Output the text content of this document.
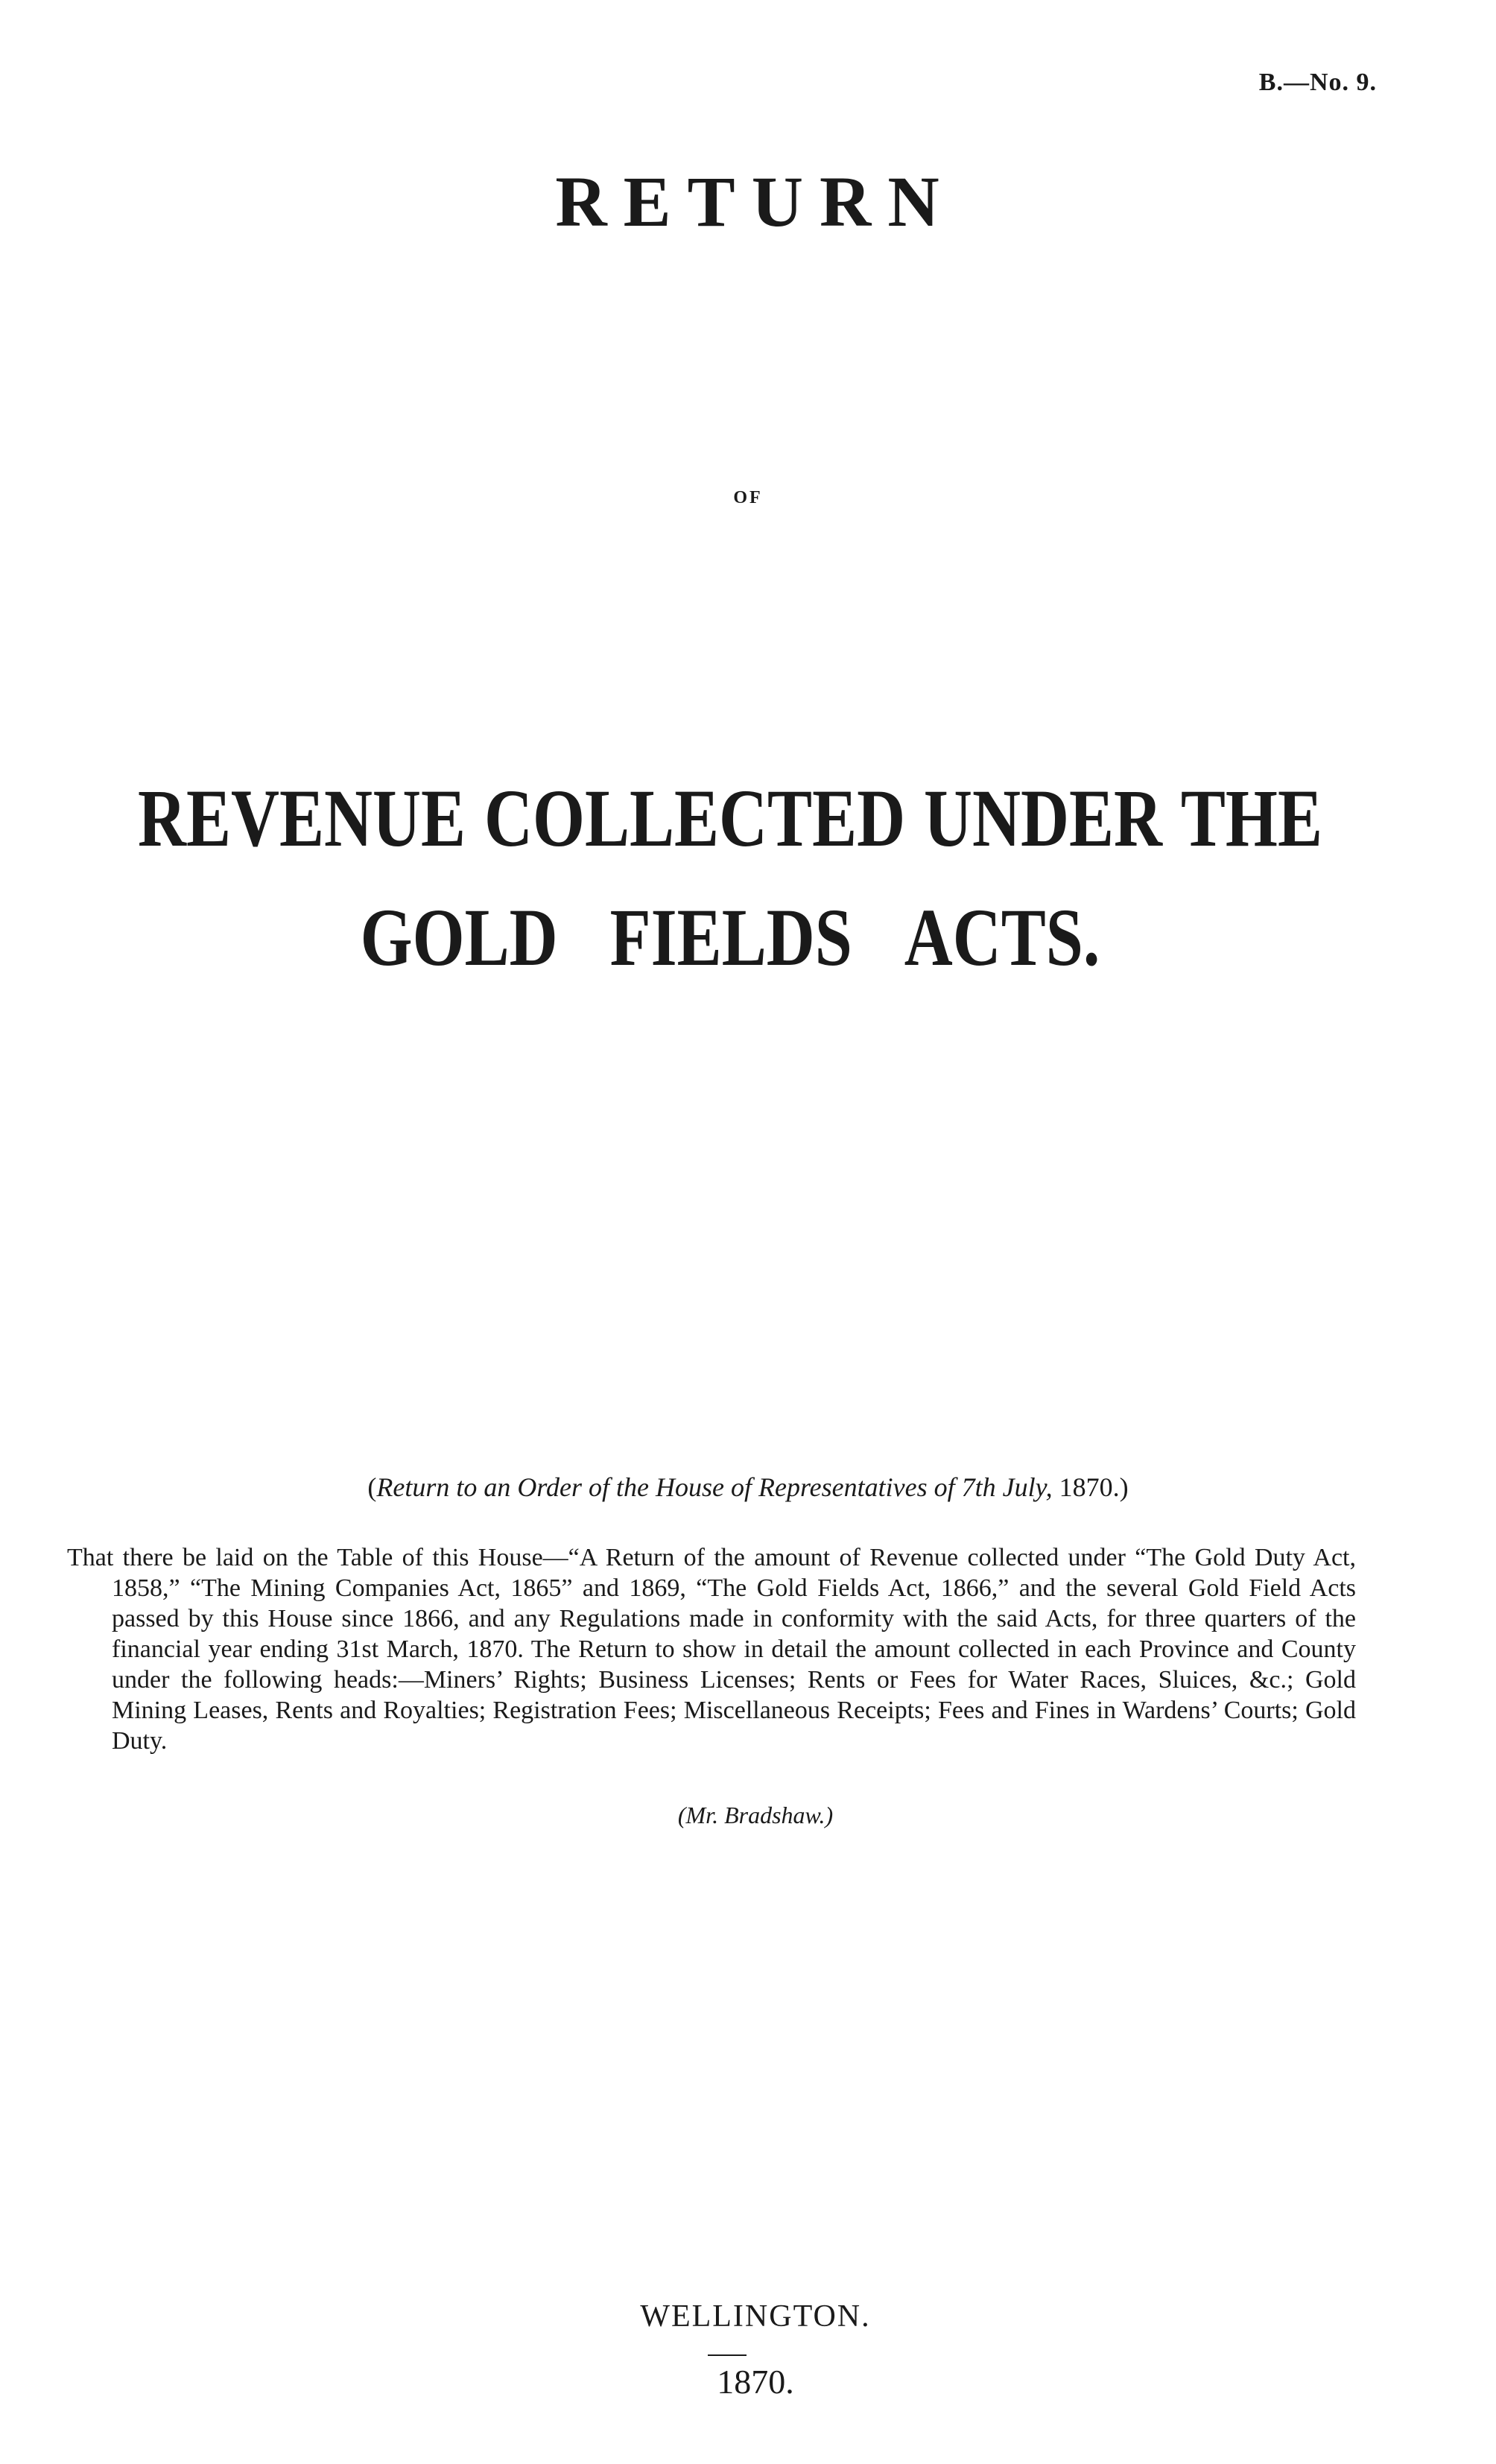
B.—No. 9.
RETURN
OF
REVENUE COLLECTED UNDER THE
GOLD FIELDS ACTS.
(Return to an Order of the House of Representatives of 7th July, 1870.)
That there be laid on the Table of this House—“A Return of the amount of Revenue collected under “The Gold Duty Act, 1858,” “The Mining Companies Act, 1865” and 1869, “The Gold Fields Act, 1866,” and the several Gold Field Acts passed by this House since 1866, and any Regulations made in conformity with the said Acts, for three quarters of the financial year ending 31st March, 1870. The Return to show in detail the amount collected in each Province and County under the following heads:—Miners’ Rights; Business Licenses; Rents or Fees for Water Races, Sluices, &c.; Gold Mining Leases, Rents and Royalties; Registration Fees; Miscellaneous Receipts; Fees and Fines in Wardens’ Courts; Gold Duty.
(Mr. Bradshaw.)
WELLINGTON.
1870.
